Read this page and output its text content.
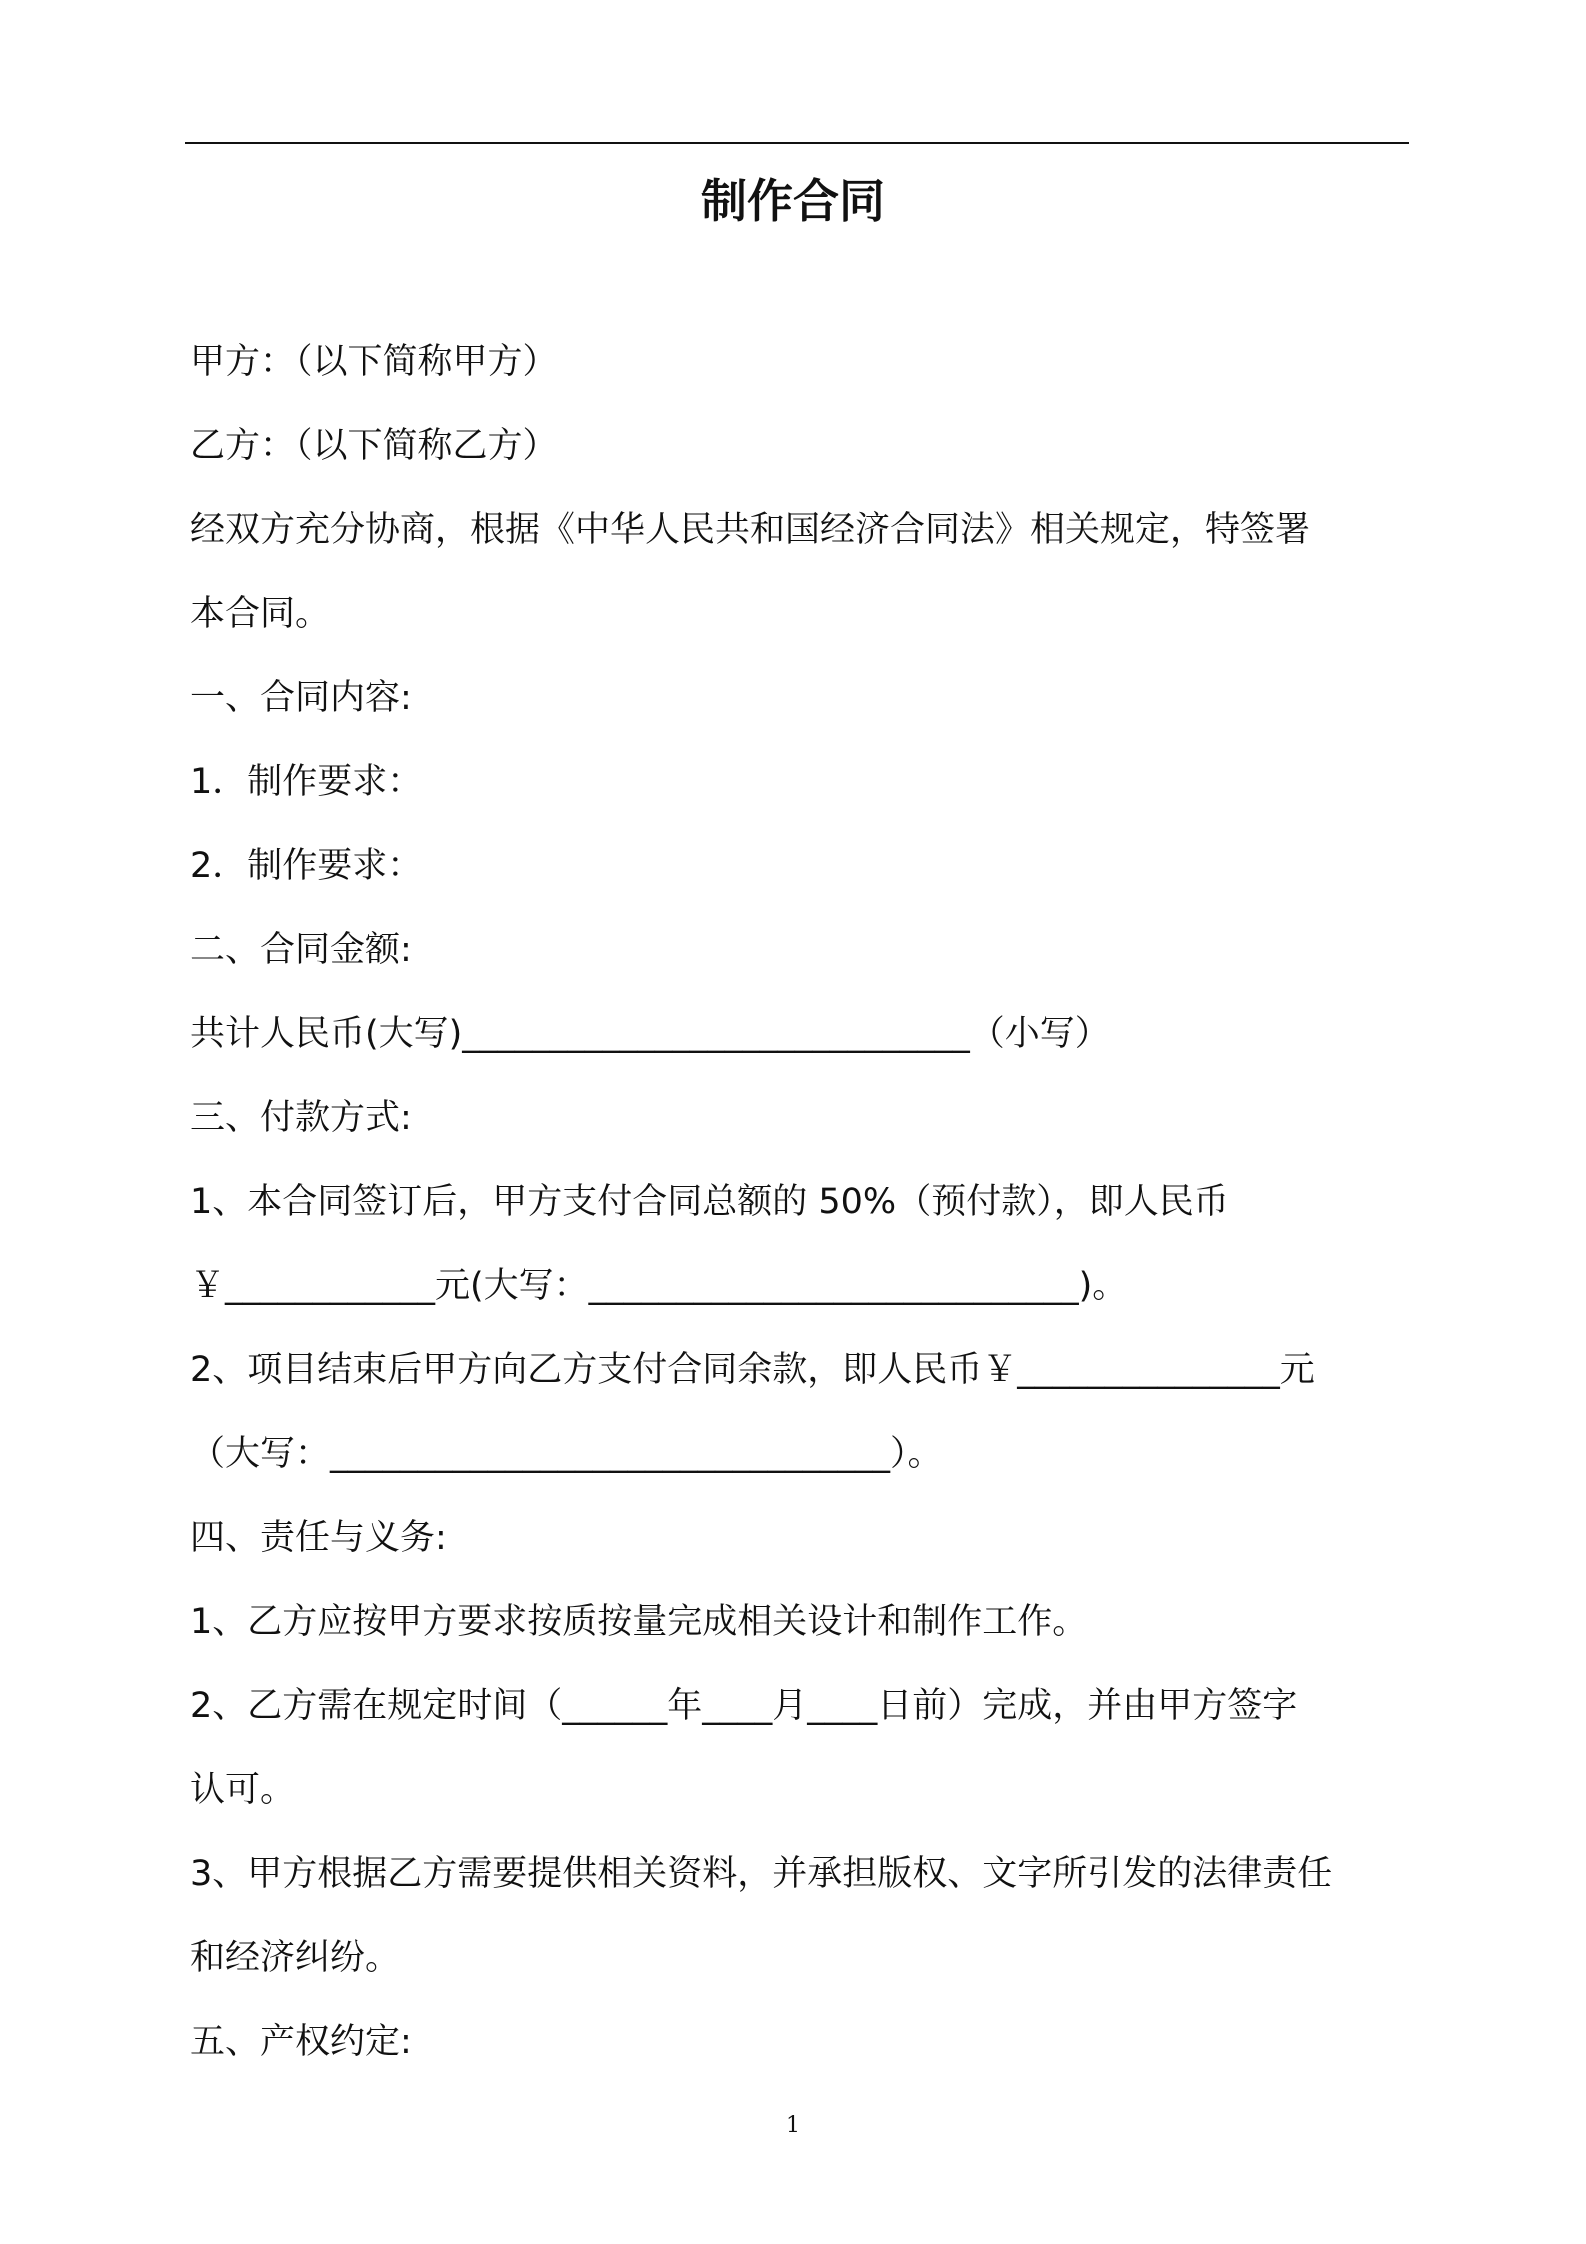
制作合同

甲方：（以下简称甲方）

乙方：（以下简称乙方）

经双方充分协商，根据《中华人民共和国经济合同法》相关规定，特签署

本合同。

一、合同内容:

1．制作要求：

2．制作要求：

二、合同金额:

共计人民币(大写)_____________________________（小写）

三、付款方式:

1、本合同签订后，甲方支付合同总额的 50%（预付款），即人民币

￥____________元(大写：____________________________)。

2、项目结束后甲方向乙方支付合同余款，即人民币￥_______________元

（大写：________________________________）。

四、责任与义务:

1、乙方应按甲方要求按质按量完成相关设计和制作工作。

2、乙方需在规定时间（______年____月____日前）完成，并由甲方签字

认可。

3、甲方根据乙方需要提供相关资料，并承担版权、文字所引发的法律责任

和经济纠纷。

五、产权约定:

1
